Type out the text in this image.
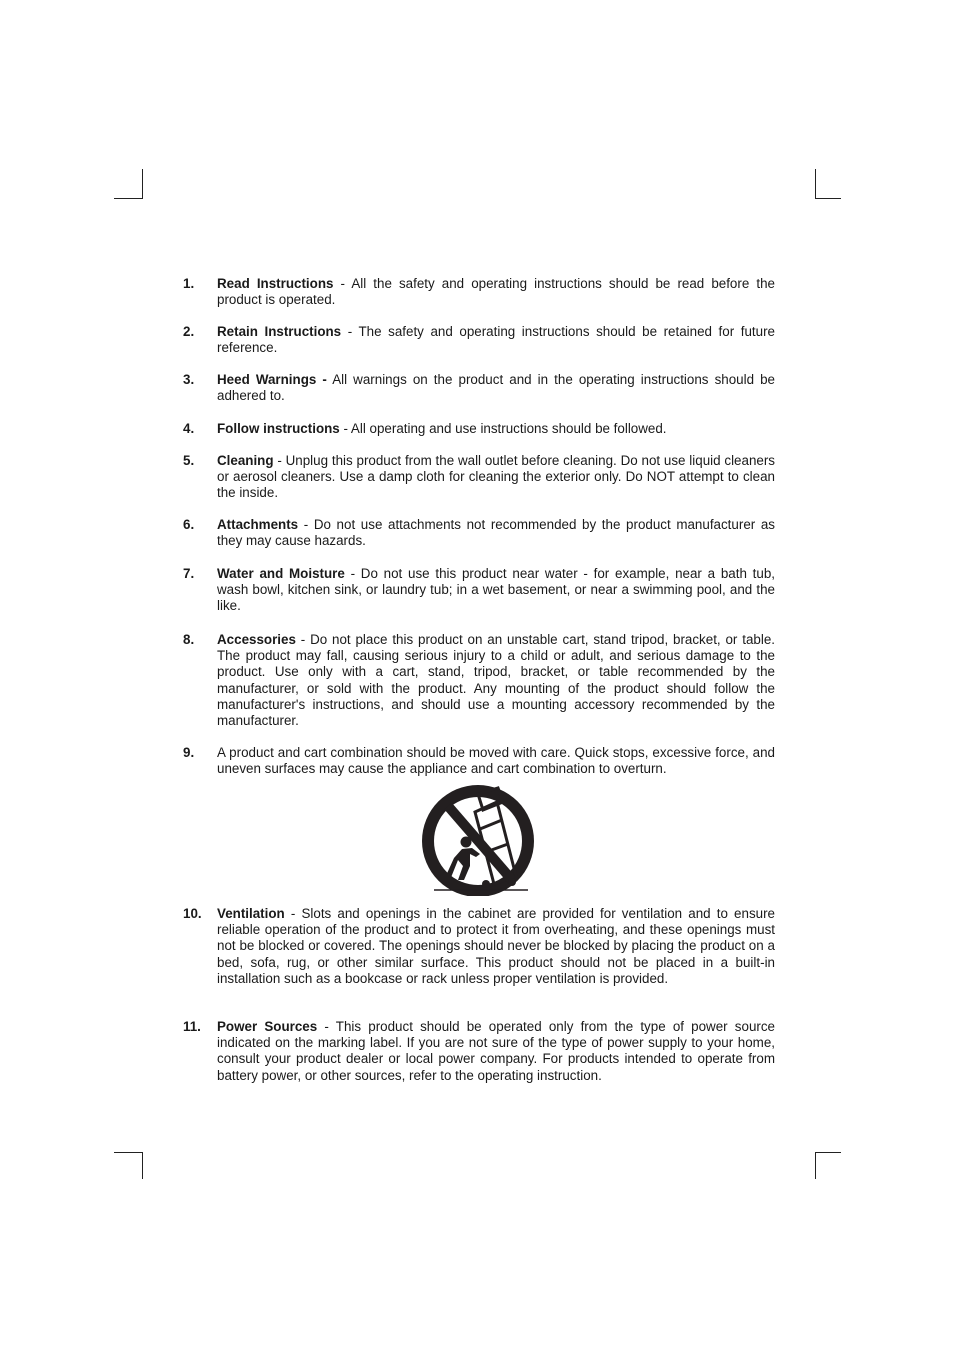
1. Read Instructions - All the safety and operating instructions should be read before the product is operated.
2. Retain Instructions - The safety and operating instructions should be retained for future reference.
3. Heed Warnings - All warnings on the product and in the operating instructions should be adhered to.
4. Follow instructions - All operating and use instructions should be followed.
5. Cleaning - Unplug this product from the wall outlet before cleaning. Do not use liquid cleaners or aerosol cleaners. Use a damp cloth for cleaning the exterior only. Do NOT attempt to clean the inside.
6. Attachments - Do not use attachments not recommended by the product manufacturer as they may cause hazards.
7. Water and Moisture - Do not use this product near water - for example, near a bath tub, wash bowl, kitchen sink, or laundry tub; in a wet basement, or near a swimming pool, and the like.
8. Accessories - Do not place this product on an unstable cart, stand tripod, bracket, or table. The product may fall, causing serious injury to a child or adult, and serious damage to the product. Use only with a cart, stand, tripod, bracket, or table recommended by the manufacturer, or sold with the product. Any mounting of the product should follow the manufacturer's instructions, and should use a mounting accessory recommended by the manufacturer.
9. A product and cart combination should be moved with care. Quick stops, excessive force, and uneven surfaces may cause the appliance and cart combination to overturn.
10. Ventilation - Slots and openings in the cabinet are provided for ventilation and to ensure reliable operation of the product and to protect it from overheating, and these openings must not be blocked or covered. The openings should never be blocked by placing the product on a bed, sofa, rug, or other similar surface. This product should not be placed in a built-in installation such as a bookcase or rack unless proper ventilation is provided.
11. Power Sources - This product should be operated only from the type of power source indicated on the marking label. If you are not sure of the type of power supply to your home, consult your product dealer or local power company. For products intended to operate from battery power, or other sources, refer to the operating instruction.
